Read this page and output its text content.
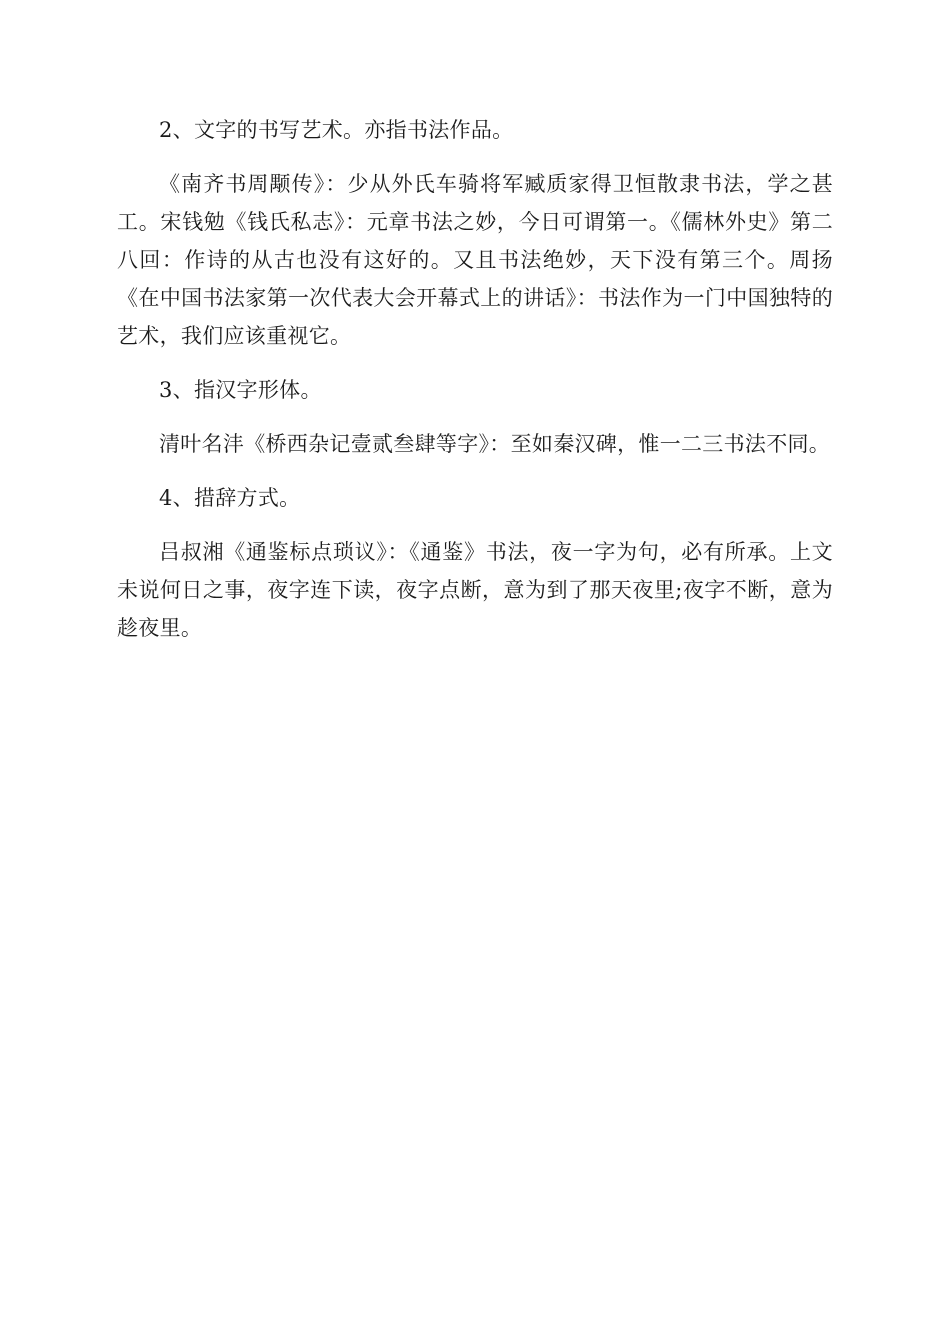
2、文字的书写艺术。亦指书法作品。

《南齐书周颙传》：少从外氏车骑将军臧质家得卫恒散隶书法，学之甚工。宋钱勉《钱氏私志》：元章书法之妙，今日可谓第一。《儒林外史》第二八回：作诗的从古也没有这好的。又且书法绝妙，天下没有第三个。周扬《在中国书法家第一次代表大会开幕式上的讲话》：书法作为一门中国独特的艺术，我们应该重视它。

3、指汉字形体。

清叶名沣《桥西杂记壹贰叁肆等字》：至如秦汉碑，惟一二三书法不同。

4、措辞方式。

吕叔湘《通鉴标点琐议》：《通鉴》书法，夜一字为句，必有所承。上文未说何日之事，夜字连下读，夜字点断，意为到了那天夜里;夜字不断，意为趁夜里。
